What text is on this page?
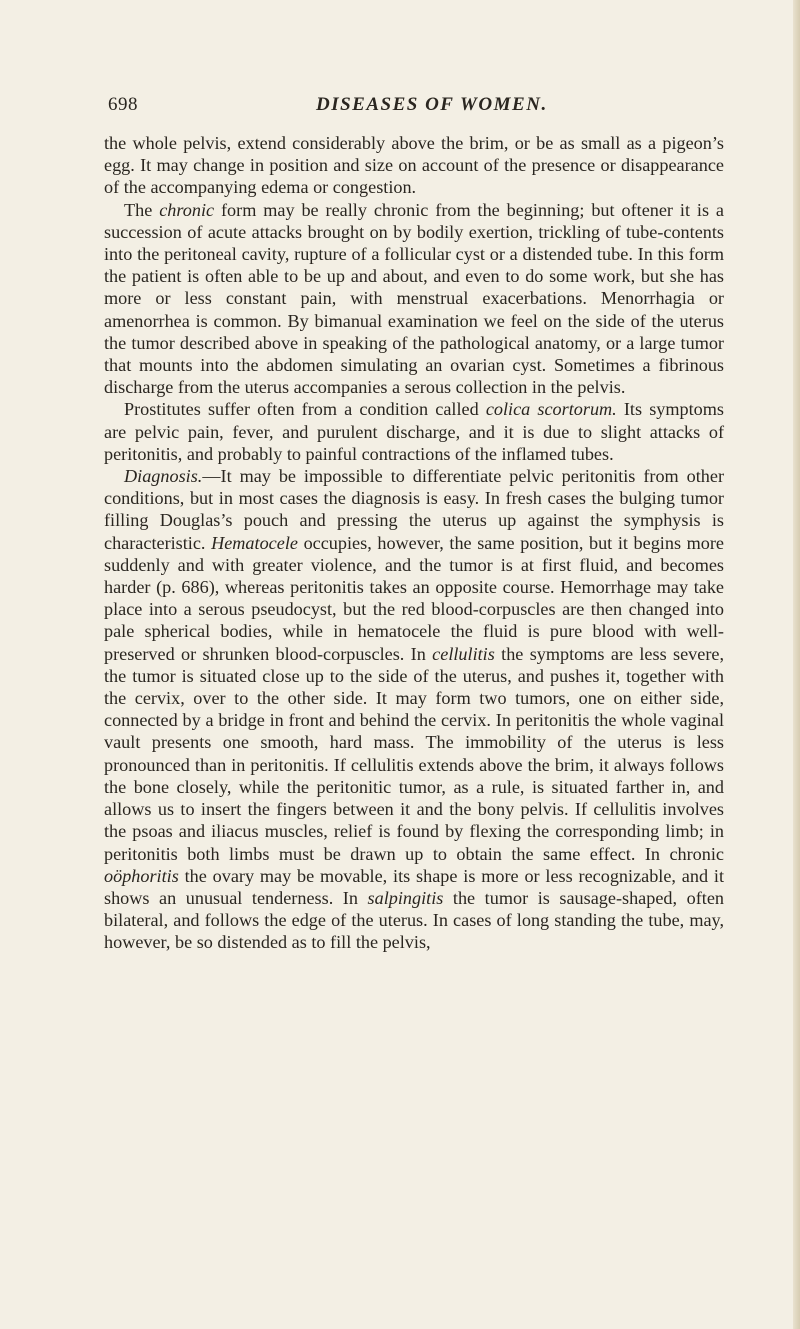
698	DISEASES OF WOMEN.

the whole pelvis, extend considerably above the brim, or be as small as a pigeon’s egg. It may change in position and size on account of the presence or disappearance of the accompanying edema or congestion.

The chronic form may be really chronic from the beginning; but oftener it is a succession of acute attacks brought on by bodily exertion, trickling of tube-contents into the peritoneal cavity, rupture of a follicular cyst or a distended tube. In this form the patient is often able to be up and about, and even to do some work, but she has more or less constant pain, with menstrual exacerbations. Menorrhagia or amenorrhea is common. By bimanual examination we feel on the side of the uterus the tumor described above in speaking of the pathological anatomy, or a large tumor that mounts into the abdomen simulating an ovarian cyst. Sometimes a fibrinous discharge from the uterus accompanies a serous collection in the pelvis.

Prostitutes suffer often from a condition called colica scortorum. Its symptoms are pelvic pain, fever, and purulent discharge, and it is due to slight attacks of peritonitis, and probably to painful contractions of the inflamed tubes.

Diagnosis.—It may be impossible to differentiate pelvic peritonitis from other conditions, but in most cases the diagnosis is easy. In fresh cases the bulging tumor filling Douglas’s pouch and pressing the uterus up against the symphysis is characteristic. Hematocele occupies, however, the same position, but it begins more suddenly and with greater violence, and the tumor is at first fluid, and becomes harder (p. 686), whereas peritonitis takes an opposite course. Hemorrhage may take place into a serous pseudocyst, but the red blood-corpuscles are then changed into pale spherical bodies, while in hematocele the fluid is pure blood with well-preserved or shrunken blood-corpuscles. In cellulitis the symptoms are less severe, the tumor is situated close up to the side of the uterus, and pushes it, together with the cervix, over to the other side. It may form two tumors, one on either side, connected by a bridge in front and behind the cervix. In peritonitis the whole vaginal vault presents one smooth, hard mass. The immobility of the uterus is less pronounced than in peritonitis. If cellulitis extends above the brim, it always follows the bone closely, while the peritonitic tumor, as a rule, is situated farther in, and allows us to insert the fingers between it and the bony pelvis. If cellulitis involves the psoas and iliacus muscles, relief is found by flexing the corresponding limb; in peritonitis both limbs must be drawn up to obtain the same effect. In chronic oöphoritis the ovary may be movable, its shape is more or less recognizable, and it shows an unusual tenderness. In salpingitis the tumor is sausage-shaped, often bilateral, and follows the edge of the uterus. In cases of long standing the tube, may, however, be so distended as to fill the pelvis,
